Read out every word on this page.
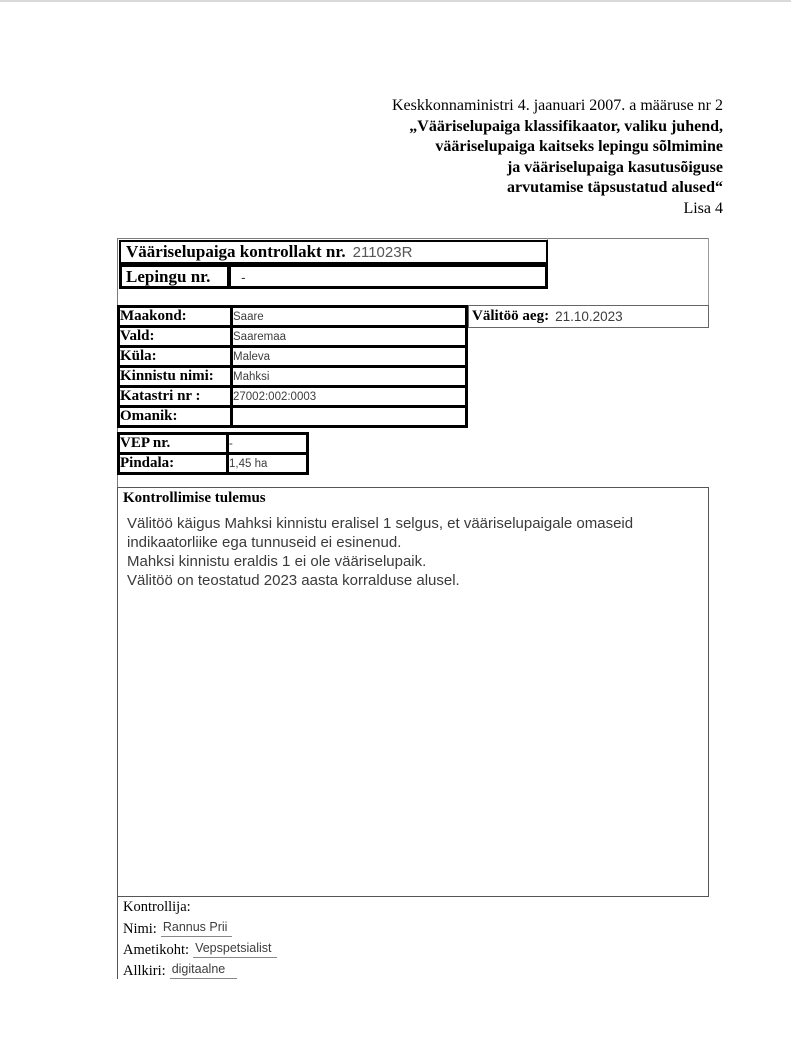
Keskkonnaministri 4. jaanuari 2007. a määruse nr 2
„Vääriselupaiga klassifikaator, valiku juhend,
vääriselupaiga kaitseks lepingu sõlmimine
ja vääriselupaiga kasutusõiguse
arvutamise täpsustatud alused“
Lisa 4
Vääriselupaiga kontrollakt nr. 211023R
Lepingu nr.	-
Maakond:	Saare
Vald:	Saaremaa
Küla:	Maleva
Kinnistu nimi:	Mahksi
Katastri nr :	27002:002:0003
Omanik:	
Välitöö aeg: 21.10.2023
VEP nr.	-
Pindala:	1,45 ha
Kontrollimise tulemus
Välitöö käigus Mahksi kinnistu eralisel 1 selgus, et vääriselupaigale omaseid
indikaatorliike ega tunnuseid ei esinenud.
Mahksi kinnistu eraldis 1 ei ole vääriselupaik.
Välitöö on teostatud 2023 aasta korralduse alusel.
Kontrollija:
Nimi: Rannus Prii
Ametikoht: Vepspetsialist
Allkiri: digitaalne
